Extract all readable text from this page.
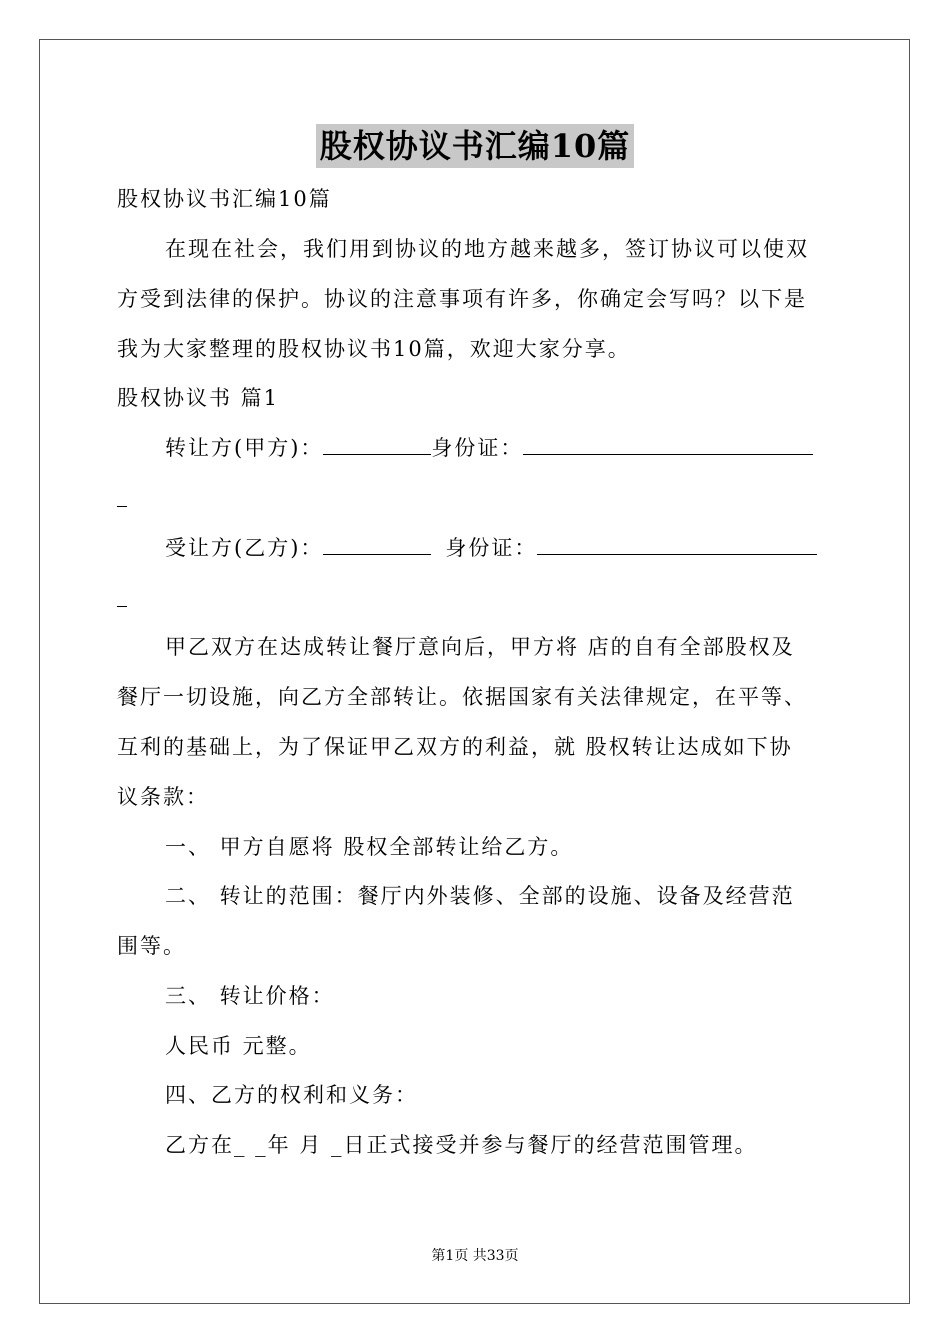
股权协议书汇编10篇
股权协议书汇编10篇
在现在社会，我们用到协议的地方越来越多，签订协议可以使双
方受到法律的保护。协议的注意事项有许多，你确定会写吗？以下是
我为大家整理的股权协议书10篇，欢迎大家分享。
股权协议书 篇1
转让方(甲方)：	身份证：
受让方(乙方)：	身份证：
甲乙双方在达成转让餐厅意向后，甲方将 店的自有全部股权及
餐厅一切设施，向乙方全部转让。依据国家有关法律规定，在平等、
互利的基础上，为了保证甲乙双方的利益，就 股权转让达成如下协
议条款：
一、 甲方自愿将 股权全部转让给乙方。
二、 转让的范围：餐厅内外装修、全部的设施、设备及经营范
围等。
三、 转让价格：
人民币 元整。
四、乙方的权利和义务：
乙方在_ _年 月 _日正式接受并参与餐厅的经营范围管理。
第1页 共33页
